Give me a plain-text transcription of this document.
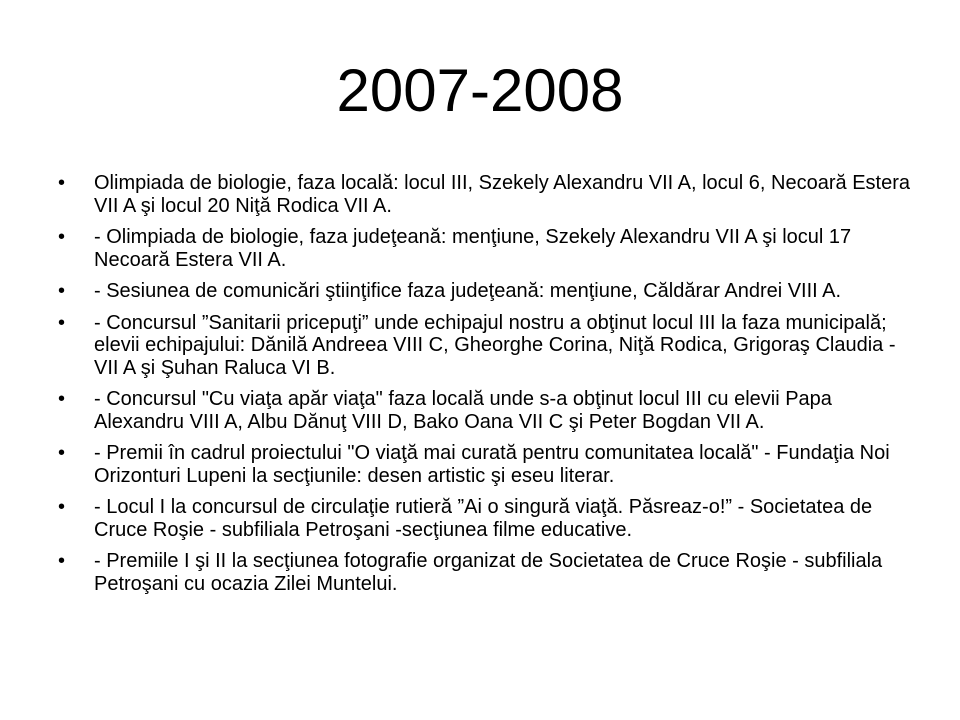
2007-2008
• Olimpiada de biologie, faza locală: locul III, Szekely Alexandru VII A, locul 6, Necoară Estera VII A şi locul 20 Niţă Rodica VII A.
• - Olimpiada de biologie, faza judeţeană: menţiune, Szekely Alexandru VII A şi locul 17 Necoară Estera VII A.
• - Sesiunea de comunicări ştiinţifice faza judeţeană: menţiune, Căldărar Andrei VIII A.
• - Concursul ”Sanitarii pricepuţi” unde echipajul nostru a obţinut locul III la faza municipală; elevii echipajului: Dănilă Andreea VIII C, Gheorghe Corina, Niţă Rodica, Grigoraş Claudia - VII A şi Şuhan Raluca VI B.
• - Concursul "Cu viaţa apăr viaţa" faza locală unde s-a obţinut locul III cu elevii Papa Alexandru VIII A, Albu Dănuţ VIII D, Bako Oana VII C şi Peter Bogdan VII A.
• - Premii în cadrul proiectului "O viaţă mai curată pentru comunitatea locală" - Fundaţia Noi Orizonturi Lupeni la secţiunile: desen artistic şi eseu literar.
• - Locul I la concursul de circulaţie rutieră ”Ai o singură viaţă. Păsreaz-o!” - Societatea de Cruce Roşie - subfiliala Petroşani -secţiunea filme educative.
• - Premiile I şi II la secţiunea fotografie organizat de Societatea de Cruce Roşie - subfiliala Petroşani cu ocazia Zilei Muntelui.
